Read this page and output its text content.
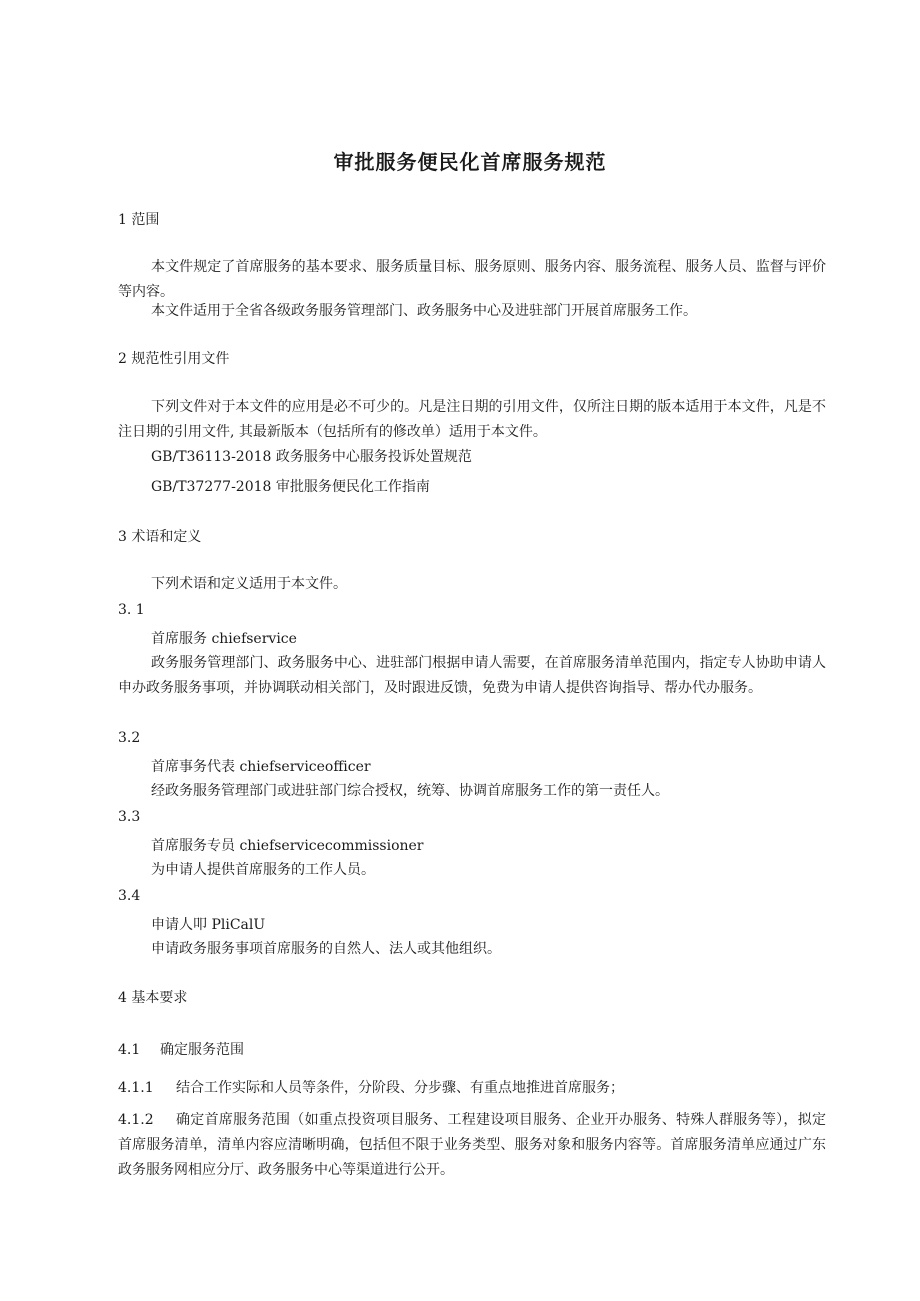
审批服务便民化首席服务规范
1 范围

本文件规定了首席服务的基本要求、服务质量目标、服务原则、服务内容、服务流程、服务人员、监督与评价等内容。

本文件适用于全省各级政务服务管理部门、政务服务中心及进驻部门开展首席服务工作。

2 规范性引用文件

下列文件对于本文件的应用是必不可少的。凡是注日期的引用文件，仅所注日期的版本适用于本文件，凡是不注日期的引用文件, 其最新版本（包括所有的修改单）适用于本文件。

GB/T36113-2018 政务服务中心服务投诉处置规范
GB/T37277-2018 审批服务便民化工作指南
3 术语和定义
下列术语和定义适用于本文件。
3. 1
首席服务 chiefservice

政务服务管理部门、政务服务中心、进驻部门根据申请人需要，在首席服务清单范围内，指定专人协助申请人申办政务服务事项，并协调联动相关部门，及时跟进反馈，免费为申请人提供咨询指导、帮办代办服务。

3.2
首席事务代表 chiefserviceofficer
经政务服务管理部门或进驻部门综合授权，统筹、协调首席服务工作的第一责任人。
3.3
首席服务专员 chiefservicecommissioner
为申请人提供首席服务的工作人员。
3.4
申请人叩 PliCalU
申请政务服务事项首席服务的自然人、法人或其他组织。
4 基本要求
4.1 确定服务范围
4.1.1 结合工作实际和人员等条件，分阶段、分步骤、有重点地推进首席服务；
4.1.2	确定首席服务范围（如重点投资项目服务、工程建设项目服务、企业开办服务、特殊人群服务等），拟定首席服务清单，清单内容应清晰明确，包括但不限于业务类型、服务对象和服务内容等。首席服务清单应通过广东政务服务网相应分厅、政务服务中心等渠道进行公开。
